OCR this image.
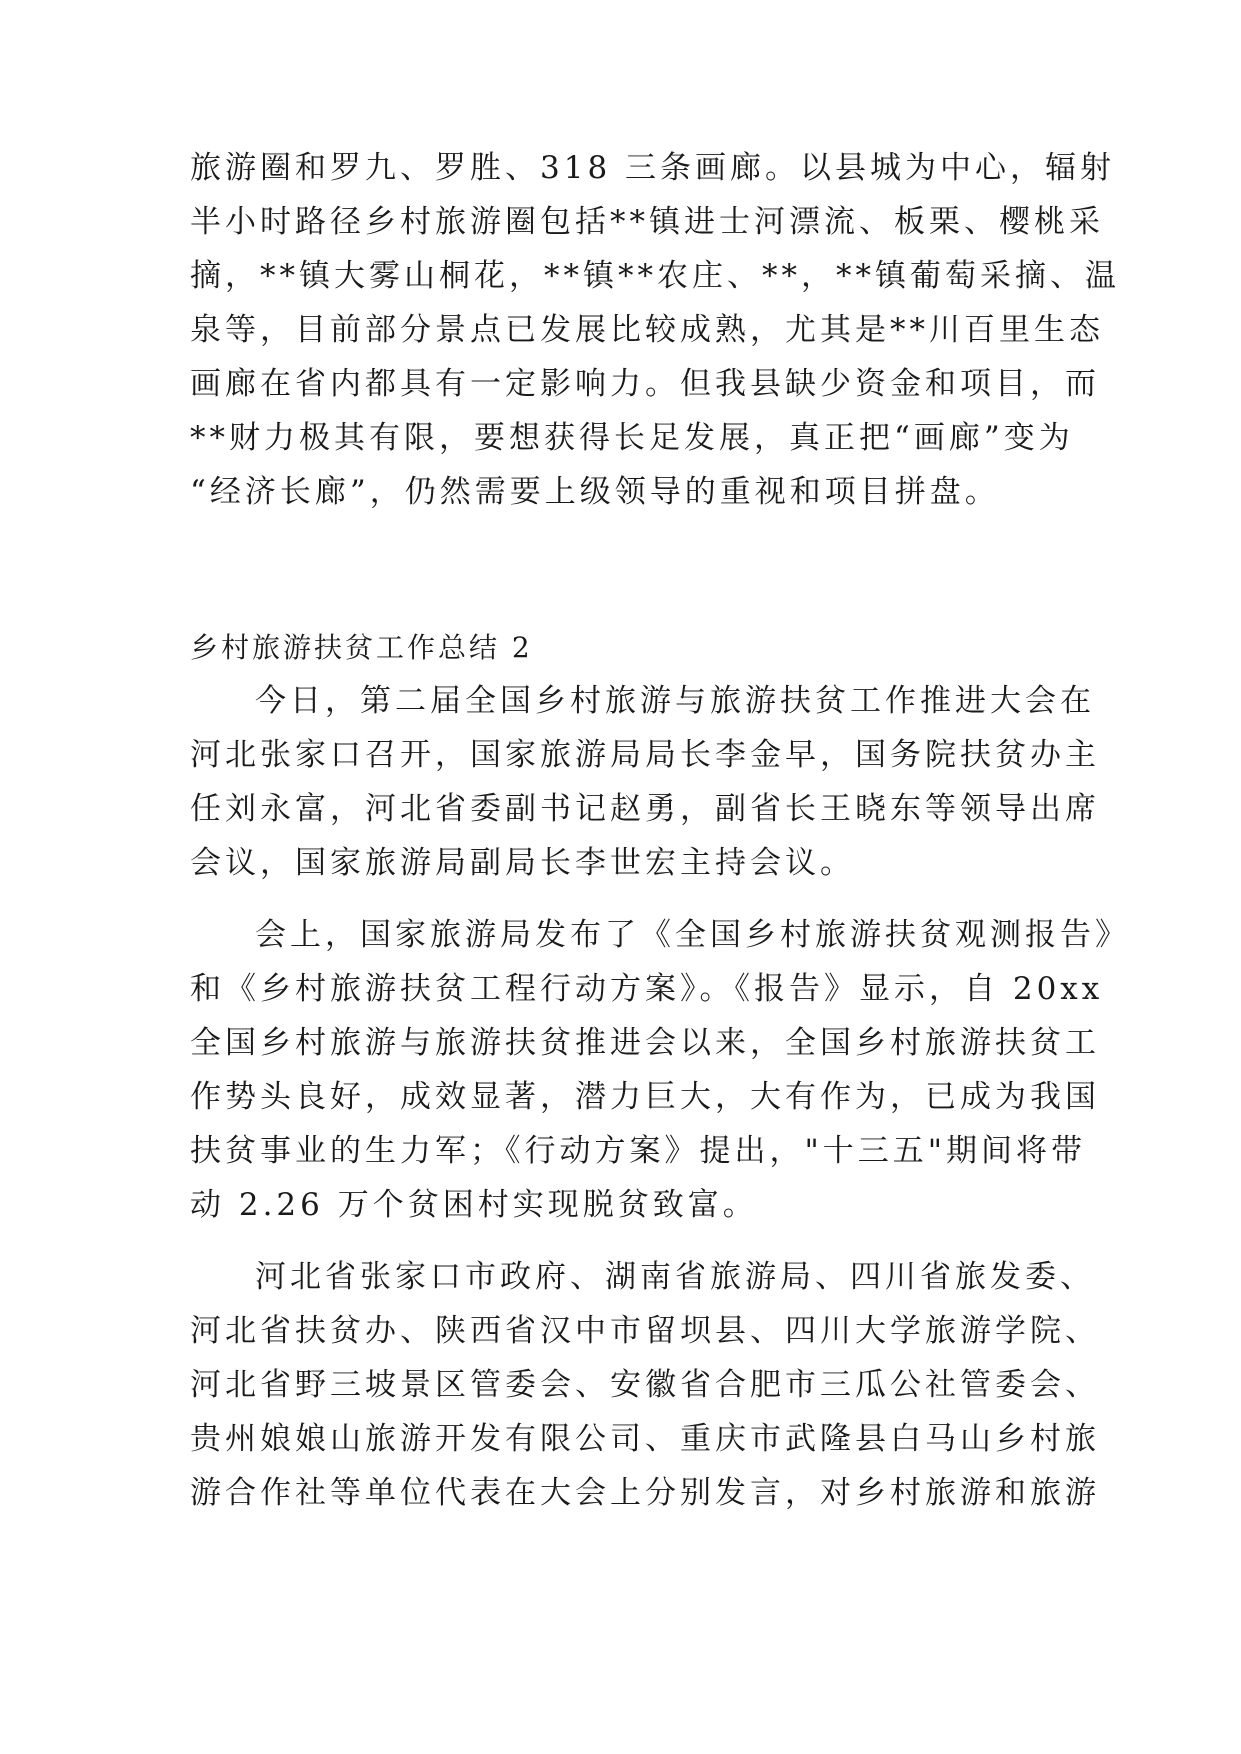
旅游圈和罗九、罗胜、318 三条画廊。以县城为中心，辐射
半小时路径乡村旅游圈包括**镇进士河漂流、板栗、樱桃采
摘，**镇大雾山桐花，**镇**农庄、**，**镇葡萄采摘、温
泉等，目前部分景点已发展比较成熟，尤其是**川百里生态
画廊在省内都具有一定影响力。但我县缺少资金和项目，而
**财力极其有限，要想获得长足发展，真正把“画廊”变为
“经济长廊”，仍然需要上级领导的重视和项目拼盘。
乡村旅游扶贫工作总结 2
今日，第二届全国乡村旅游与旅游扶贫工作推进大会在
河北张家口召开，国家旅游局局长李金早，国务院扶贫办主
任刘永富，河北省委副书记赵勇，副省长王晓东等领导出席
会议，国家旅游局副局长李世宏主持会议。
会上，国家旅游局发布了《全国乡村旅游扶贫观测报告》
和《乡村旅游扶贫工程行动方案》。《报告》显示，自 20xx
全国乡村旅游与旅游扶贫推进会以来，全国乡村旅游扶贫工
作势头良好，成效显著，潜力巨大，大有作为，已成为我国
扶贫事业的生力军；《行动方案》提出，"十三五"期间将带
动 2.26 万个贫困村实现脱贫致富。
河北省张家口市政府、湖南省旅游局、四川省旅发委、
河北省扶贫办、陕西省汉中市留坝县、四川大学旅游学院、
河北省野三坡景区管委会、安徽省合肥市三瓜公社管委会、
贵州娘娘山旅游开发有限公司、重庆市武隆县白马山乡村旅
游合作社等单位代表在大会上分别发言，对乡村旅游和旅游
